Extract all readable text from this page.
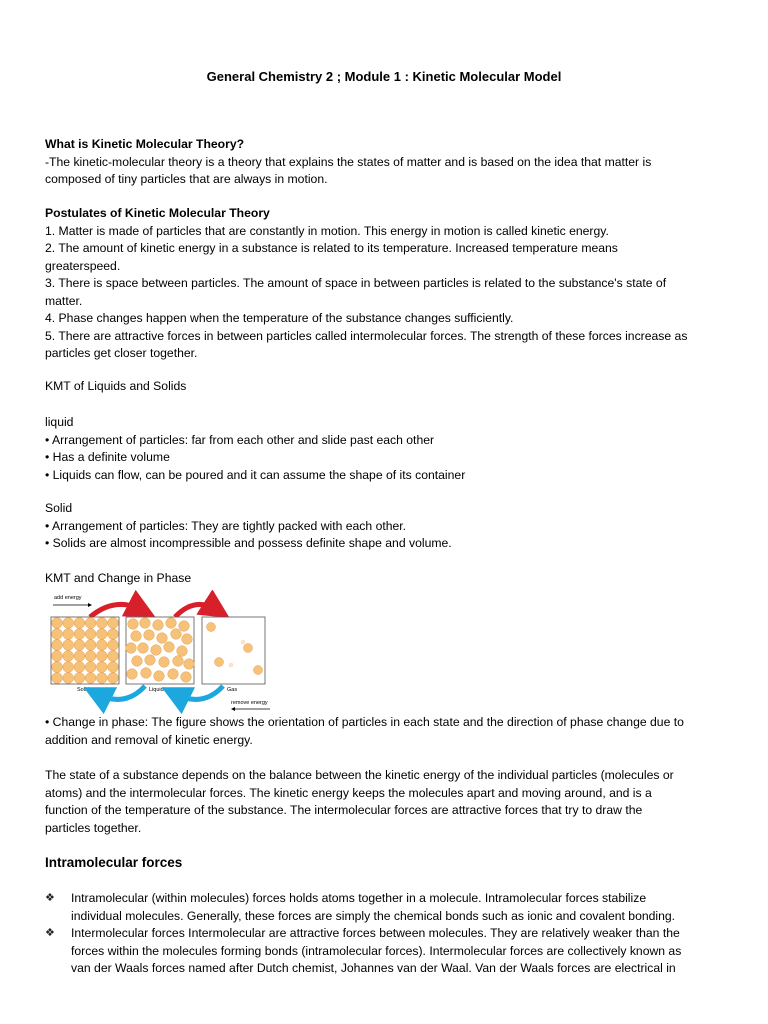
General Chemistry 2 ; Module 1 : Kinetic Molecular Model
What is Kinetic Molecular Theory?
-The kinetic-molecular theory is a theory that explains the states of matter and is based on the idea that matter is
composed of tiny particles that are always in motion.
Postulates of Kinetic Molecular Theory
1. Matter is made of particles that are constantly in motion. This energy in motion is called kinetic energy.
2. The amount of kinetic energy in a substance is related to its temperature. Increased temperature means
greaterspeed.
3. There is space between particles. The amount of space in between particles is related to the substance's state of
matter.
4. Phase changes happen when the temperature of the substance changes sufficiently.
5. There are attractive forces in between particles called intermolecular forces. The strength of these forces increase as
particles get closer together.
KMT of Liquids and Solids
liquid
• Arrangement of particles: far from each other and slide past each other
• Has a definite volume
• Liquids can flow, can be poured and it can assume the shape of its container
Solid
• Arrangement of particles: They are tightly packed with each other.
• Solids are almost incompressible and possess definite shape and volume.
KMT and Change in Phase
add energy
Solid	Liquid	Gas
remove energy
• Change in phase: The figure shows the orientation of particles in each state and the direction of phase change due to
addition and removal of kinetic energy.
The state of a substance depends on the balance between the kinetic energy of the individual particles (molecules or
atoms) and the intermolecular forces. The kinetic energy keeps the molecules apart and moving around, and is a
function of the temperature of the substance. The intermolecular forces are attractive forces that try to draw the
particles together.
Intramolecular forces
❖ Intramolecular (within molecules) forces holds atoms together in a molecule. Intramolecular forces stabilize
individual molecules. Generally, these forces are simply the chemical bonds such as ionic and covalent bonding.
❖ Intermolecular forces Intermolecular are attractive forces between molecules. They are relatively weaker than the
forces within the molecules forming bonds (intramolecular forces). Intermolecular forces are collectively known as
van der Waals forces named after Dutch chemist, Johannes van der Waal. Van der Waals forces are electrical in
